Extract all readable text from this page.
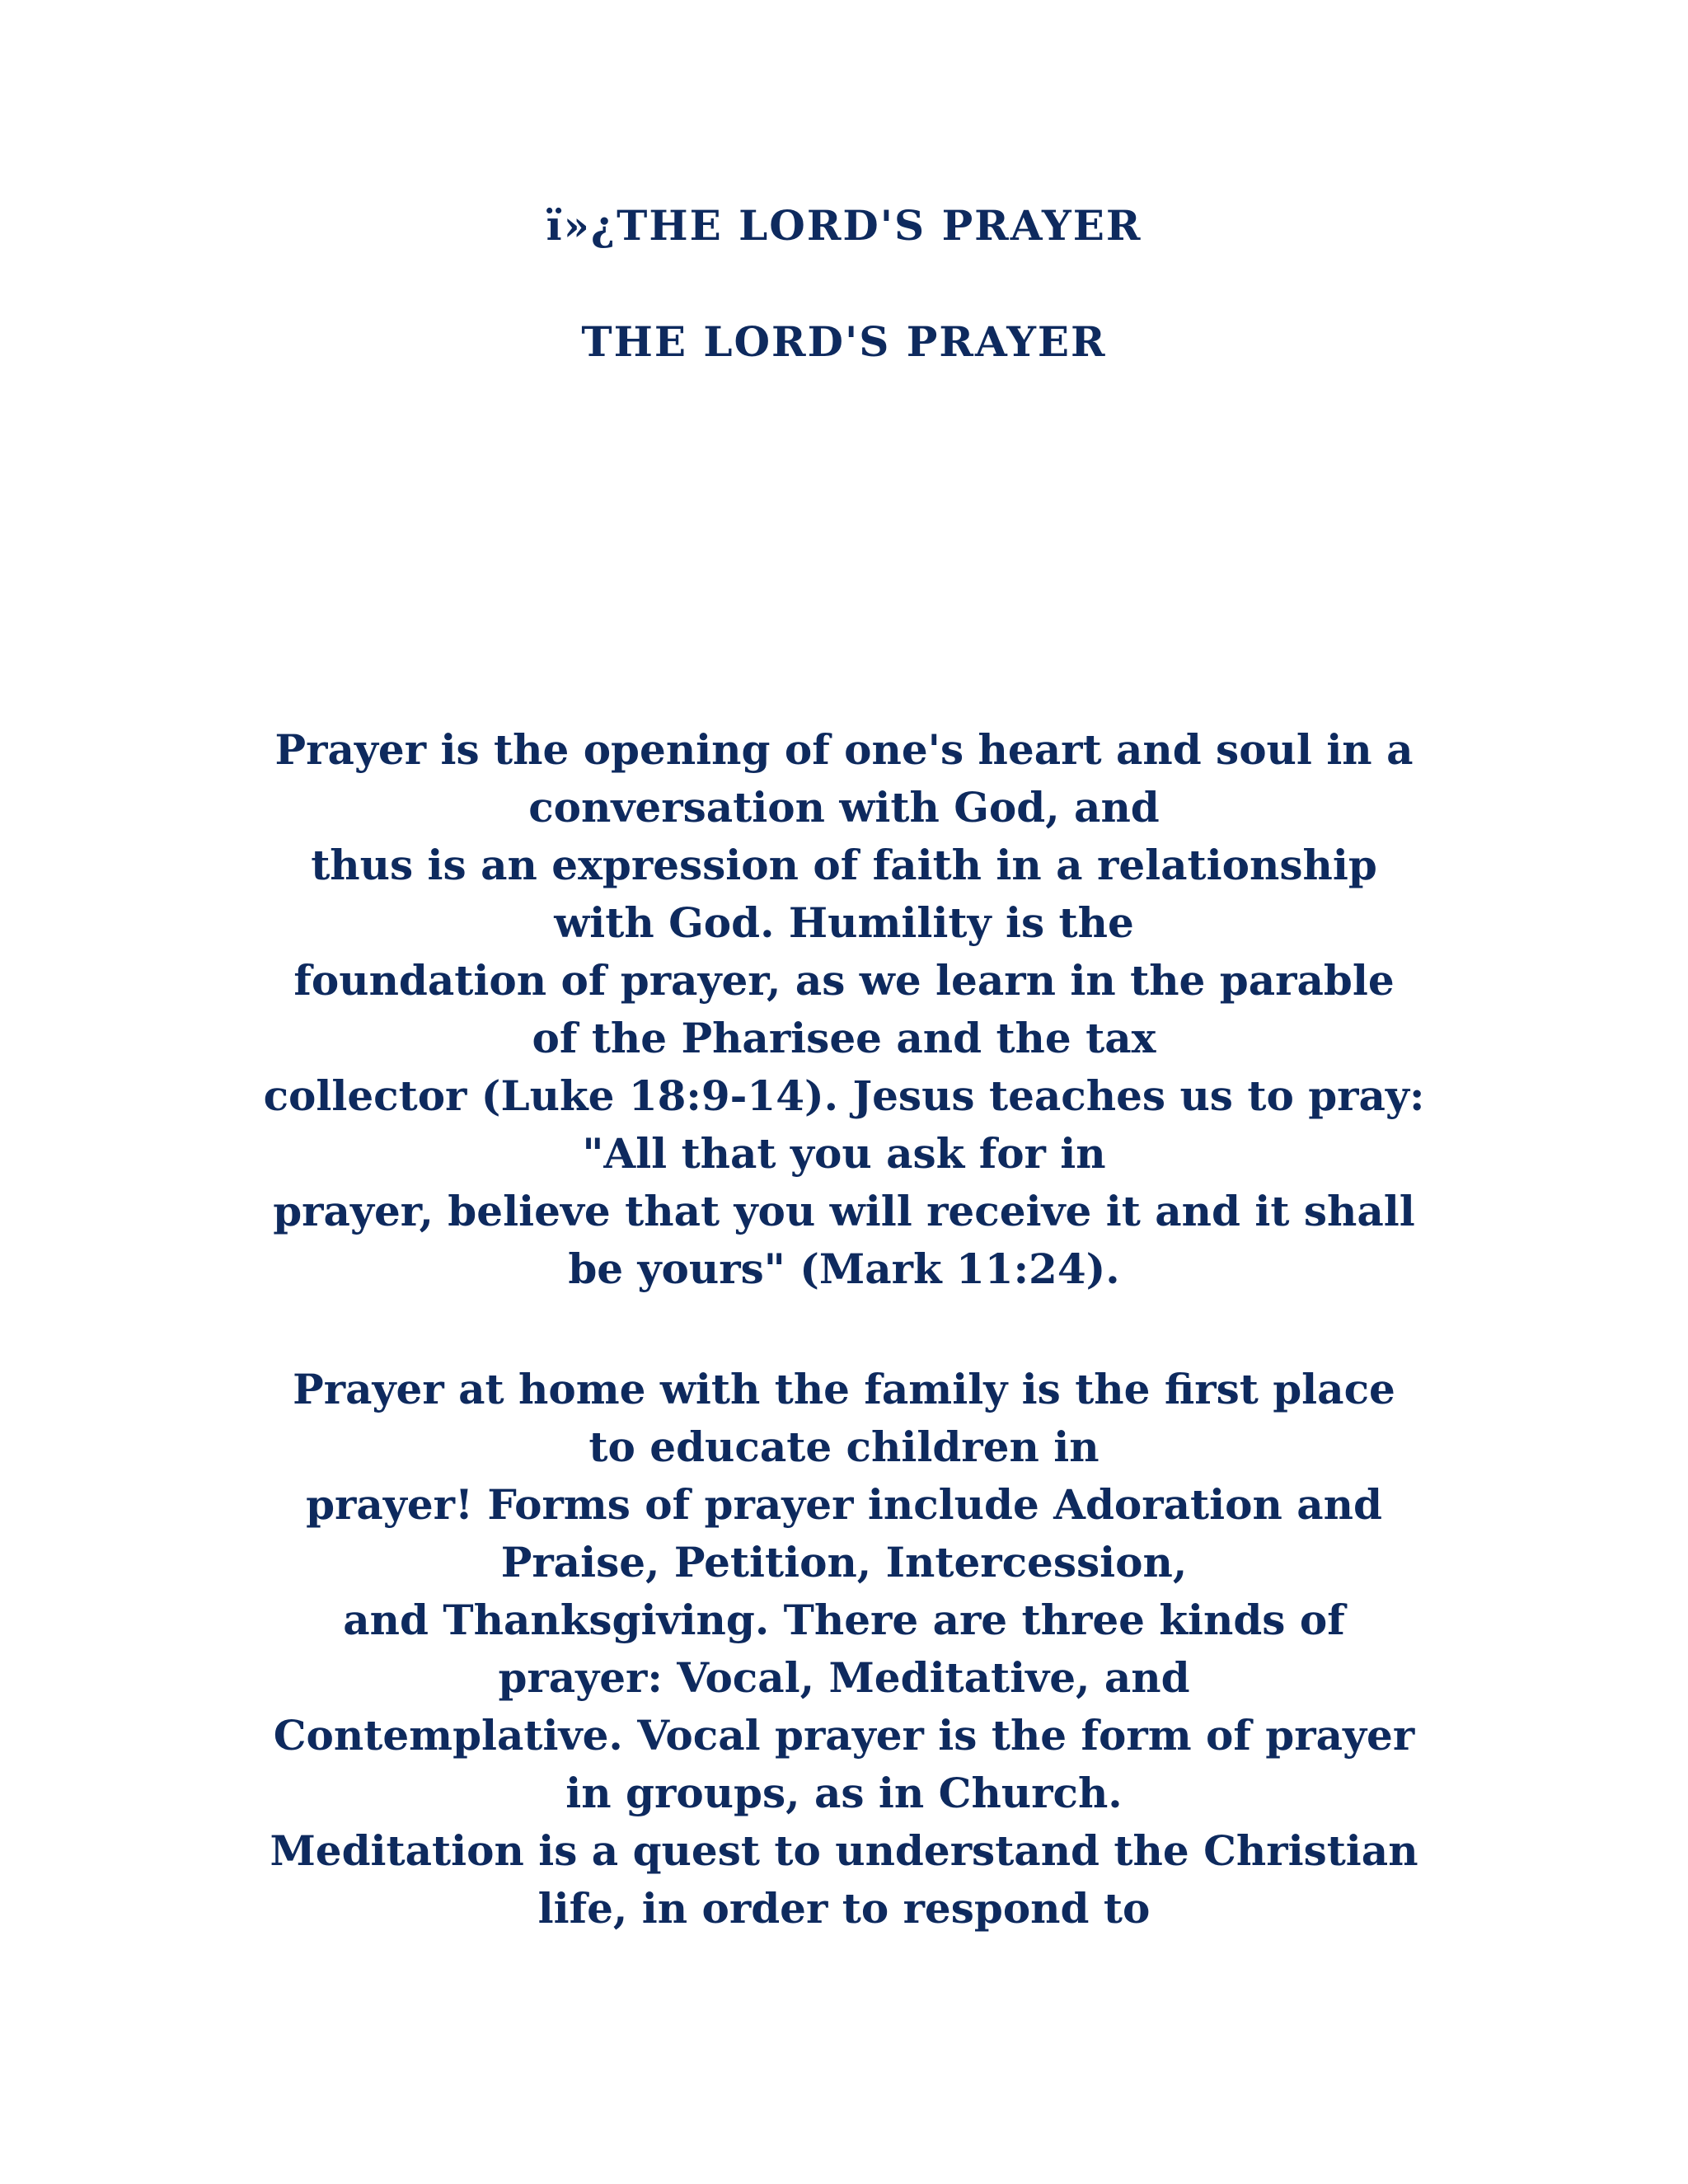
ï»¿THE LORD'S PRAYER
THE LORD'S PRAYER
Prayer is the opening of one's heart and soul in a
conversation with God, and
thus is an expression of faith in a relationship
with God. Humility is the
foundation of prayer, as we learn in the parable
of the Pharisee and the tax
collector (Luke 18:9-14). Jesus teaches us to pray:
"All that you ask for in
prayer, believe that you will receive it and it shall
be yours" (Mark 11:24).
Prayer at home with the family is the first place
to educate children in
prayer! Forms of prayer include Adoration and
Praise, Petition, Intercession,
and Thanksgiving. There are three kinds of
prayer: Vocal, Meditative, and
Contemplative. Vocal prayer is the form of prayer
in groups, as in Church.
Meditation is a quest to understand the Christian
life, in order to respond to
